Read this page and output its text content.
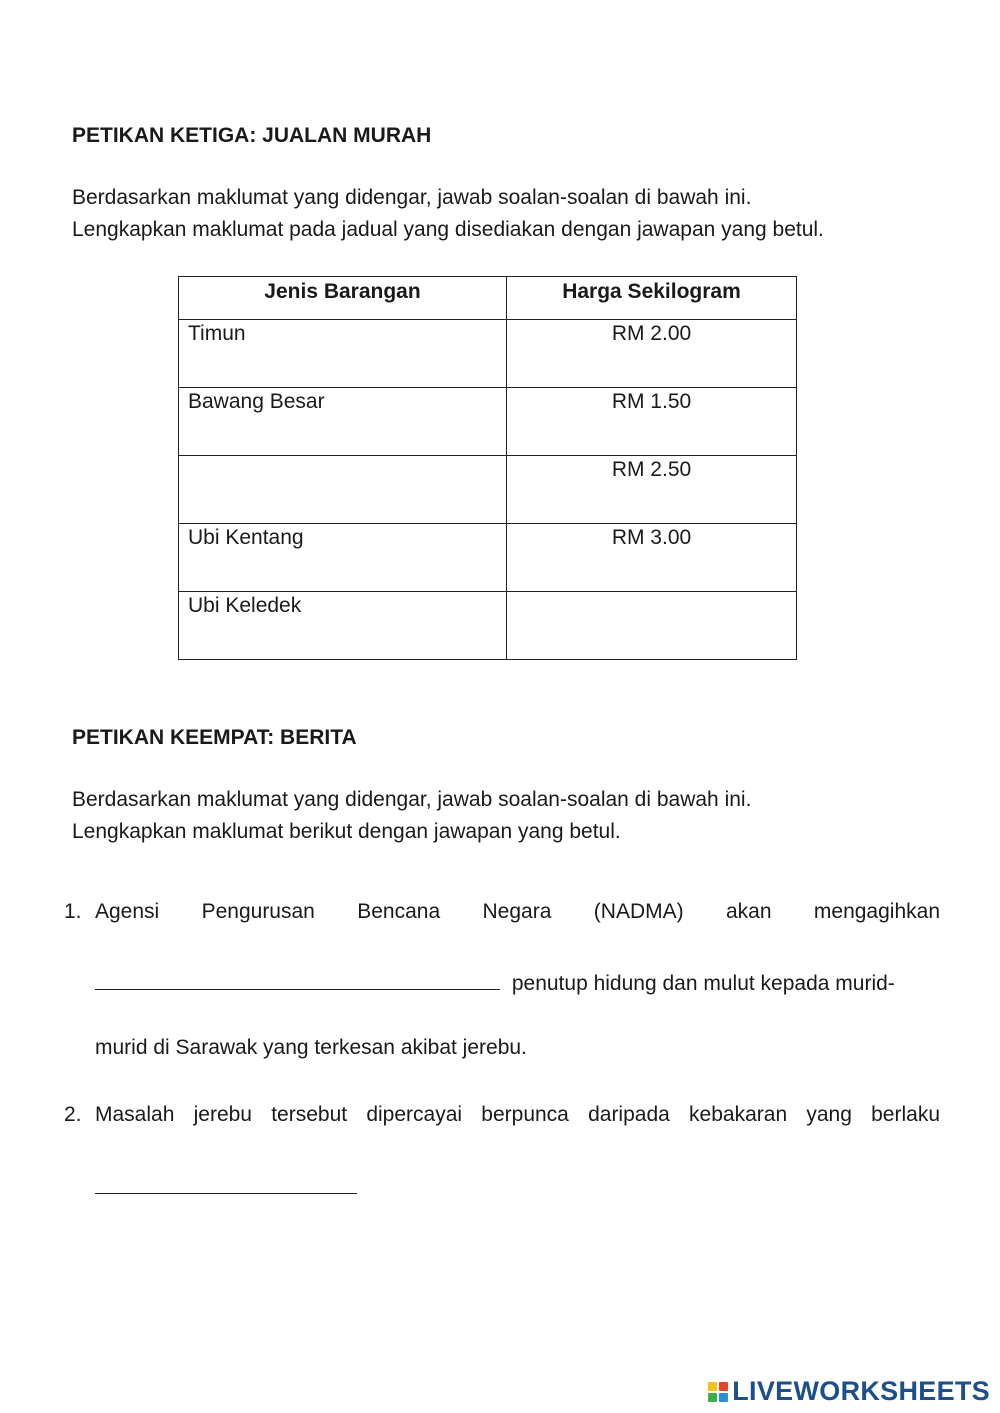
PETIKAN KETIGA: JUALAN MURAH
Berdasarkan maklumat yang didengar, jawab soalan-soalan di bawah ini.
Lengkapkan maklumat pada jadual yang disediakan dengan jawapan yang betul.
Jenis Barangan	Harga Sekilogram
Timun	RM 2.00
Bawang Besar	RM 1.50
	RM 2.50
Ubi Kentang	RM 3.00
Ubi Keledek	
PETIKAN KEEMPAT: BERITA
Berdasarkan maklumat yang didengar, jawab soalan-soalan di bawah ini.
Lengkapkan maklumat berikut dengan jawapan yang betul.
1. Agensi Pengurusan Bencana Negara (NADMA) akan mengagihkan
penutup hidung dan mulut kepada murid-
murid di Sarawak yang terkesan akibat jerebu.
2. Masalah jerebu tersebut dipercayai berpunca daripada kebakaran yang berlaku
LIVEWORKSHEETS
